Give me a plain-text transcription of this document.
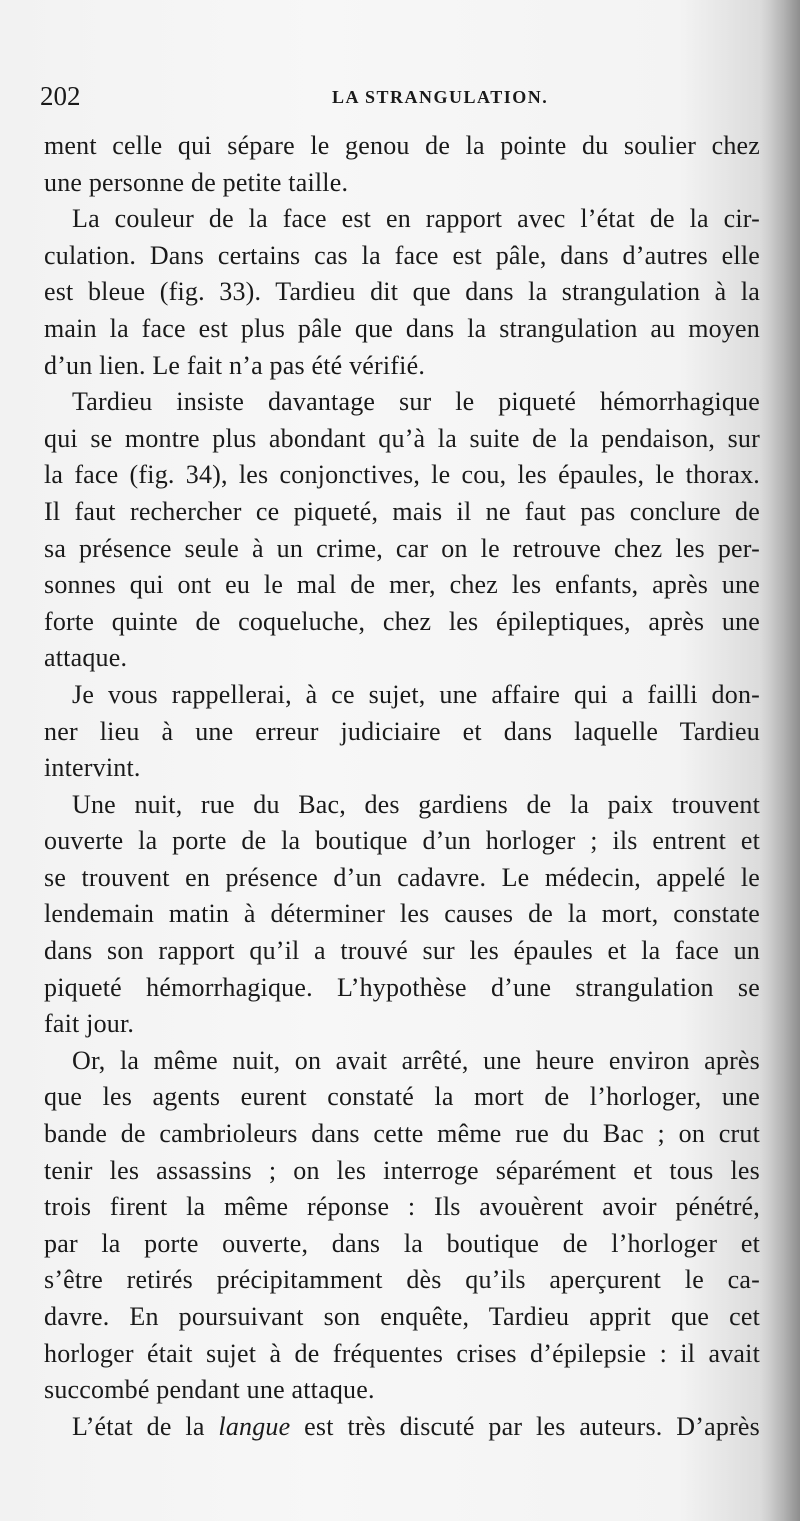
202	LA STRANGULATION.
ment celle qui sépare le genou de la pointe du soulier chez
une personne de petite taille.
La couleur de la face est en rapport avec l’état de la cir-
culation. Dans certains cas la face est pâle, dans d’autres elle
est bleue (fig. 33). Tardieu dit que dans la strangulation à la
main la face est plus pâle que dans la strangulation au moyen
d’un lien. Le fait n’a pas été vérifié.
Tardieu insiste davantage sur le piqueté hémorrhagique
qui se montre plus abondant qu’à la suite de la pendaison, sur
la face (fig. 34), les conjonctives, le cou, les épaules, le thorax.
Il faut rechercher ce piqueté, mais il ne faut pas conclure de
sa présence seule à un crime, car on le retrouve chez les per-
sonnes qui ont eu le mal de mer, chez les enfants, après une
forte quinte de coqueluche, chez les épileptiques, après une
attaque.
Je vous rappellerai, à ce sujet, une affaire qui a failli don-
ner lieu à une erreur judiciaire et dans laquelle Tardieu
intervint.
Une nuit, rue du Bac, des gardiens de la paix trouvent
ouverte la porte de la boutique d’un horloger ; ils entrent et
se trouvent en présence d’un cadavre. Le médecin, appelé le
lendemain matin à déterminer les causes de la mort, constate
dans son rapport qu’il a trouvé sur les épaules et la face un
piqueté hémorrhagique. L’hypothèse d’une strangulation se
fait jour.
Or, la même nuit, on avait arrêté, une heure environ après
que les agents eurent constaté la mort de l’horloger, une
bande de cambrioleurs dans cette même rue du Bac ; on crut
tenir les assassins ; on les interroge séparément et tous les
trois firent la même réponse : Ils avouèrent avoir pénétré,
par la porte ouverte, dans la boutique de l’horloger et
s’être retirés précipitamment dès qu’ils aperçurent le ca-
davre. En poursuivant son enquête, Tardieu apprit que cet
horloger était sujet à de fréquentes crises d’épilepsie : il avait
succombé pendant une attaque.
L’état de la langue est très discuté par les auteurs. D’après
